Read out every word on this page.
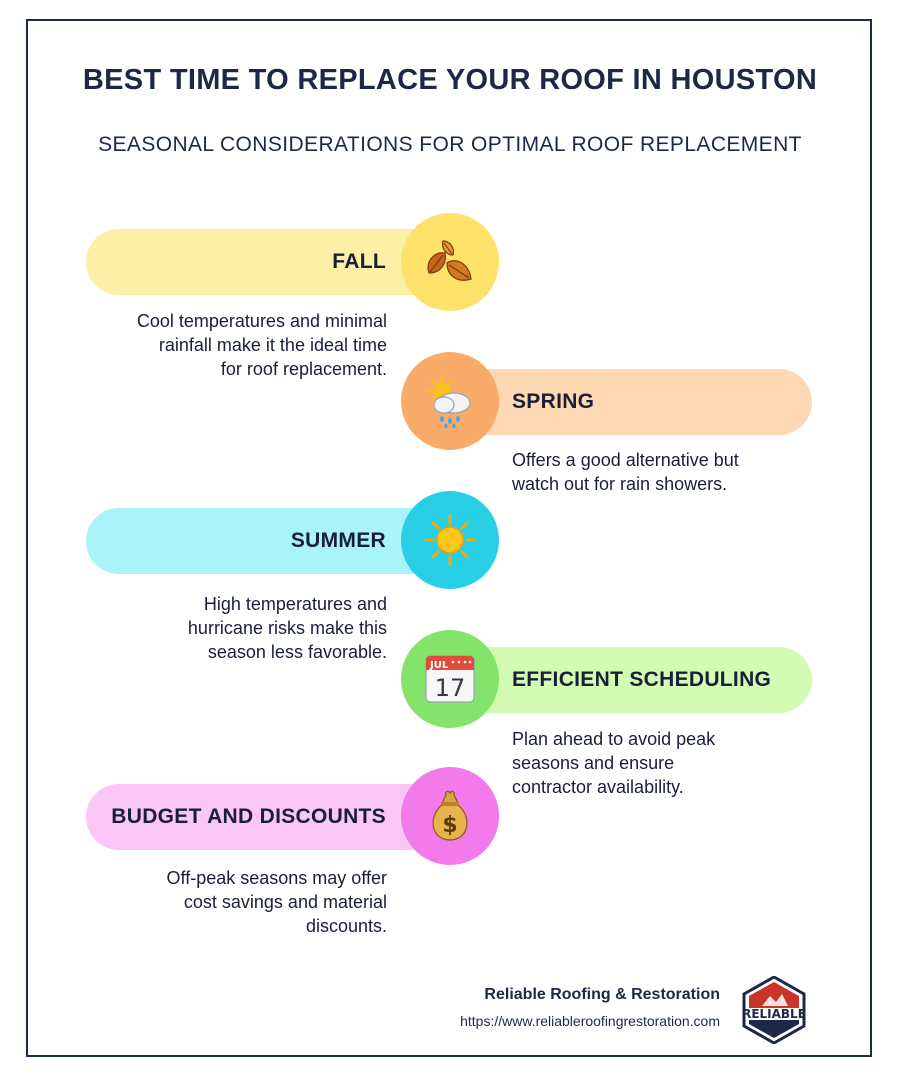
BEST TIME TO REPLACE YOUR ROOF IN HOUSTON
SEASONAL CONSIDERATIONS FOR OPTIMAL ROOF REPLACEMENT
FALL
Cool temperatures and minimal
rainfall make it the ideal time
for roof replacement.
SPRING
Offers a good alternative but
watch out for rain showers.
SUMMER
High temperatures and
hurricane risks make this
season less favorable.
EFFICIENT SCHEDULING
JUL
17
Plan ahead to avoid peak
seasons and ensure
contractor availability.
BUDGET AND DISCOUNTS	$
Off-peak seasons may offer
cost savings and material
discounts.
Reliable Roofing & Restoration
https://www.reliableroofingrestoration.com RELIABLE
